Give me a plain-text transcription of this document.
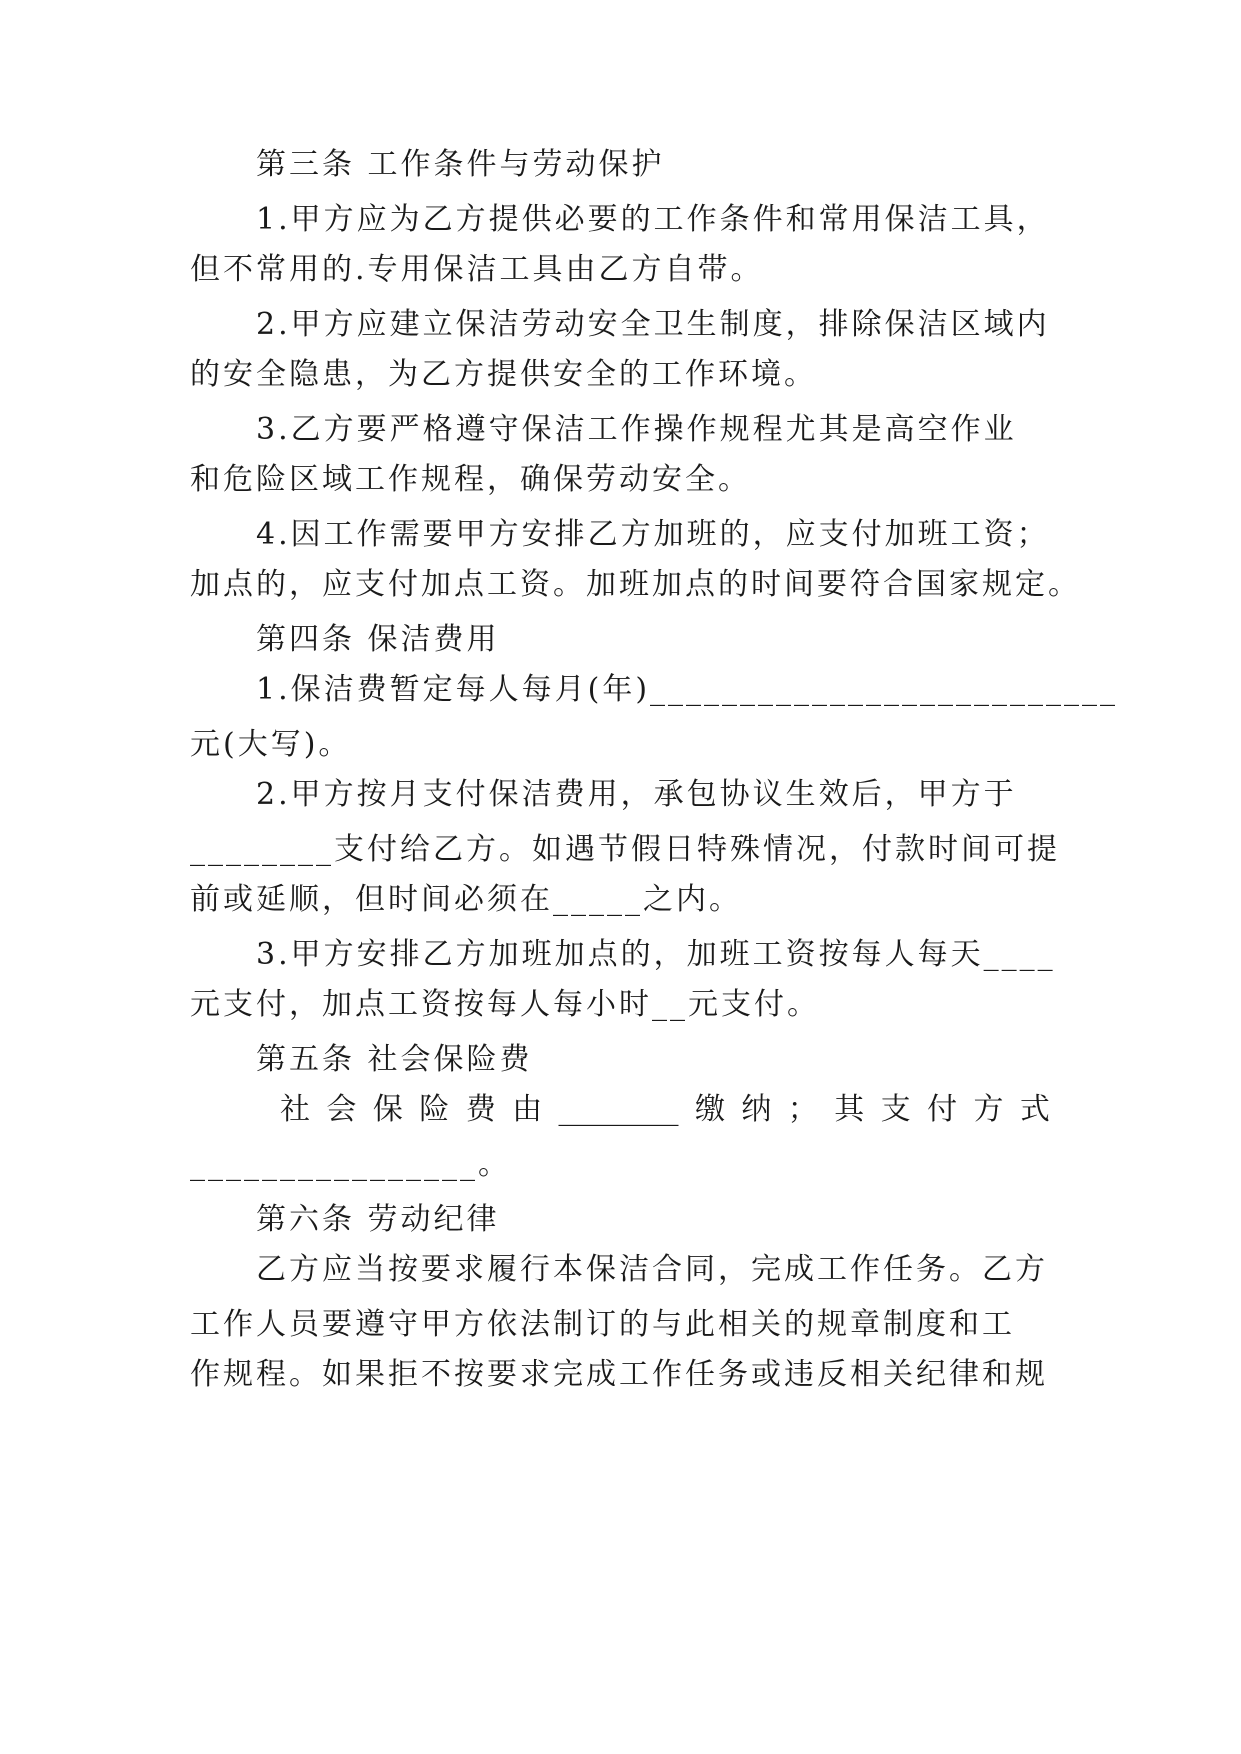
第三条 工作条件与劳动保护
1.甲方应为乙方提供必要的工作条件和常用保洁工具，
但不常用的.专用保洁工具由乙方自带。
2.甲方应建立保洁劳动安全卫生制度，排除保洁区域内
的安全隐患，为乙方提供安全的工作环境。
3.乙方要严格遵守保洁工作操作规程尤其是高空作业
和危险区域工作规程，确保劳动安全。
4.因工作需要甲方安排乙方加班的，应支付加班工资；
加点的，应支付加点工资。加班加点的时间要符合国家规定。
第四条 保洁费用
1.保洁费暂定每人每月(年)__________________________
元(大写)。
2.甲方按月支付保洁费用，承包协议生效后，甲方于
________支付给乙方。如遇节假日特殊情况，付款时间可提
前或延顺，但时间必须在_____之内。
3.甲方安排乙方加班加点的，加班工资按每人每天____
元支付，加点工资按每人每小时__元支付。
第五条 社会保险费
社 会 保 险 费 由 ________ 缴 纳 ； 其 支 付 方 式
________________。
第六条 劳动纪律
乙方应当按要求履行本保洁合同，完成工作任务。乙方
工作人员要遵守甲方依法制订的与此相关的规章制度和工
作规程。如果拒不按要求完成工作任务或违反相关纪律和规
